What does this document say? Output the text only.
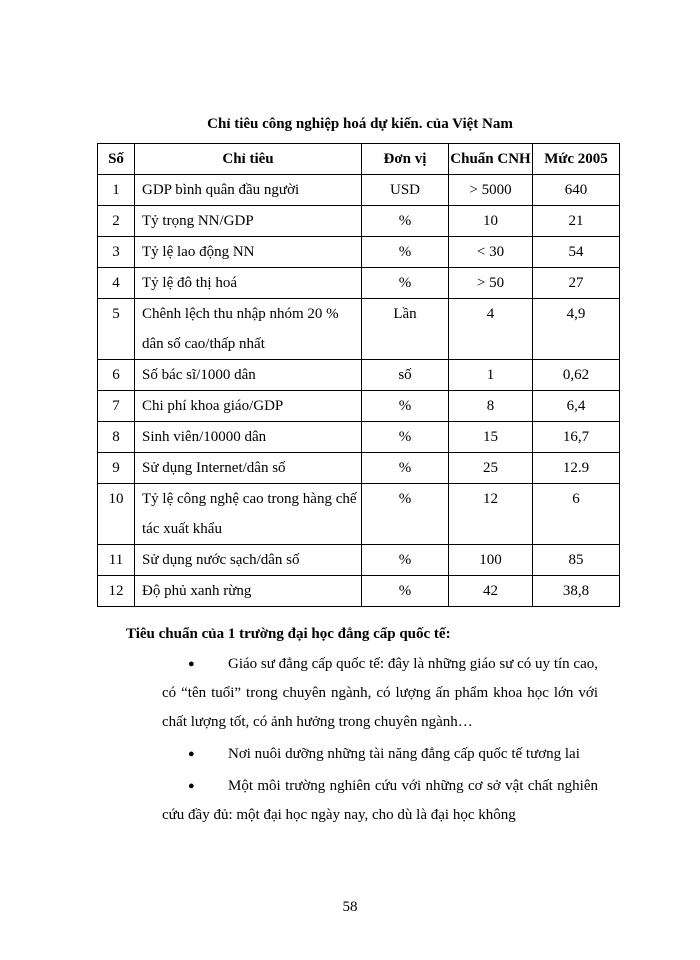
Chỉ tiêu công nghiệp hoá dự kiến. của Việt Nam
Số	Chỉ tiêu	Đơn vị	Chuẩn CNH	Mức 2005
1	GDP bình quân đầu người	USD	> 5000	640
2	Tỷ trọng NN/GDP	%	10	21
3	Tỷ lệ lao động NN	%	< 30	54
4	Tỷ lệ đô thị hoá	%	> 50	27
5	Chênh lệch thu nhập nhóm 20 % dân số cao/thấp nhất	Lần	4	4,9
6	Số bác sĩ/1000 dân	số	1	0,62
7	Chi phí khoa giáo/GDP	%	8	6,4
8	Sinh viên/10000 dân	%	15	16,7
9	Sử dụng Internet/dân số	%	25	12.9
10	Tỷ lệ công nghệ cao trong hàng chế tác xuất khẩu	%	12	6
11	Sử dụng nước sạch/dân số	%	100	85
12	Độ phủ xanh rừng	%	42	38,8
Tiêu chuẩn của 1 trường đại học đẳng cấp quốc tế:
●	Giáo sư đẳng cấp quốc tế: đây là những giáo sư có uy tín cao, có “tên tuổi” trong chuyên ngành, có lượng ấn phẩm khoa học lớn với chất lượng tốt, có ảnh hưởng trong chuyên ngành…

●	Nơi nuôi dưỡng những tài năng đẳng cấp quốc tế tương lai

●	Một môi trường nghiên cứu với những cơ sở vật chất nghiên cứu đầy đủ: một đại học ngày nay, cho dù là đại học không

58
